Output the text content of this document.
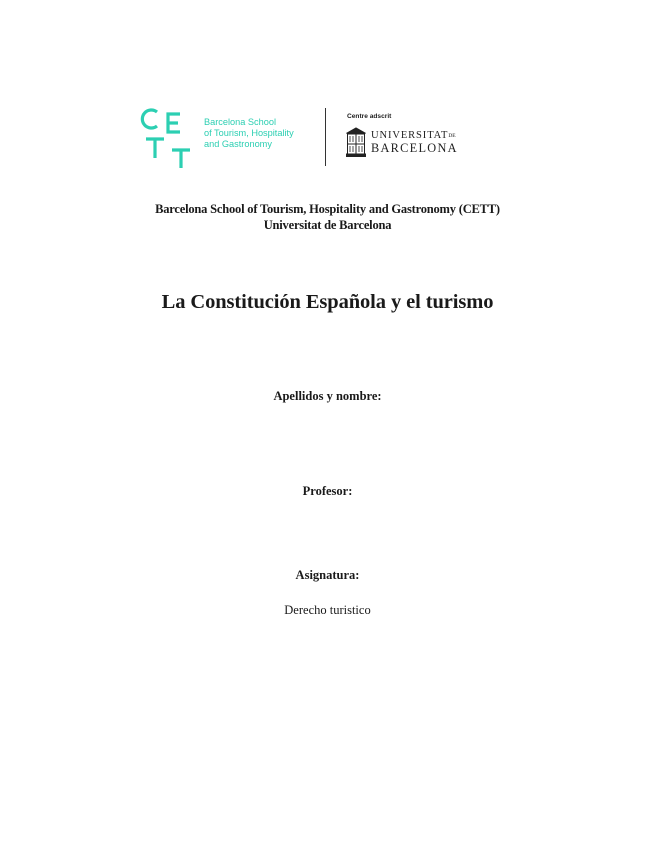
Barcelona School
of Tourism, Hospitality
and Gastronomy
Centre adscrit
UNIVERSITATDE
BARCELONA
Barcelona School of Tourism, Hospitality and Gastronomy (CETT)
Universitat de Barcelona
La Constitución Española y el turismo
Apellidos y nombre:
Profesor:
Asignatura:
Derecho turistico
